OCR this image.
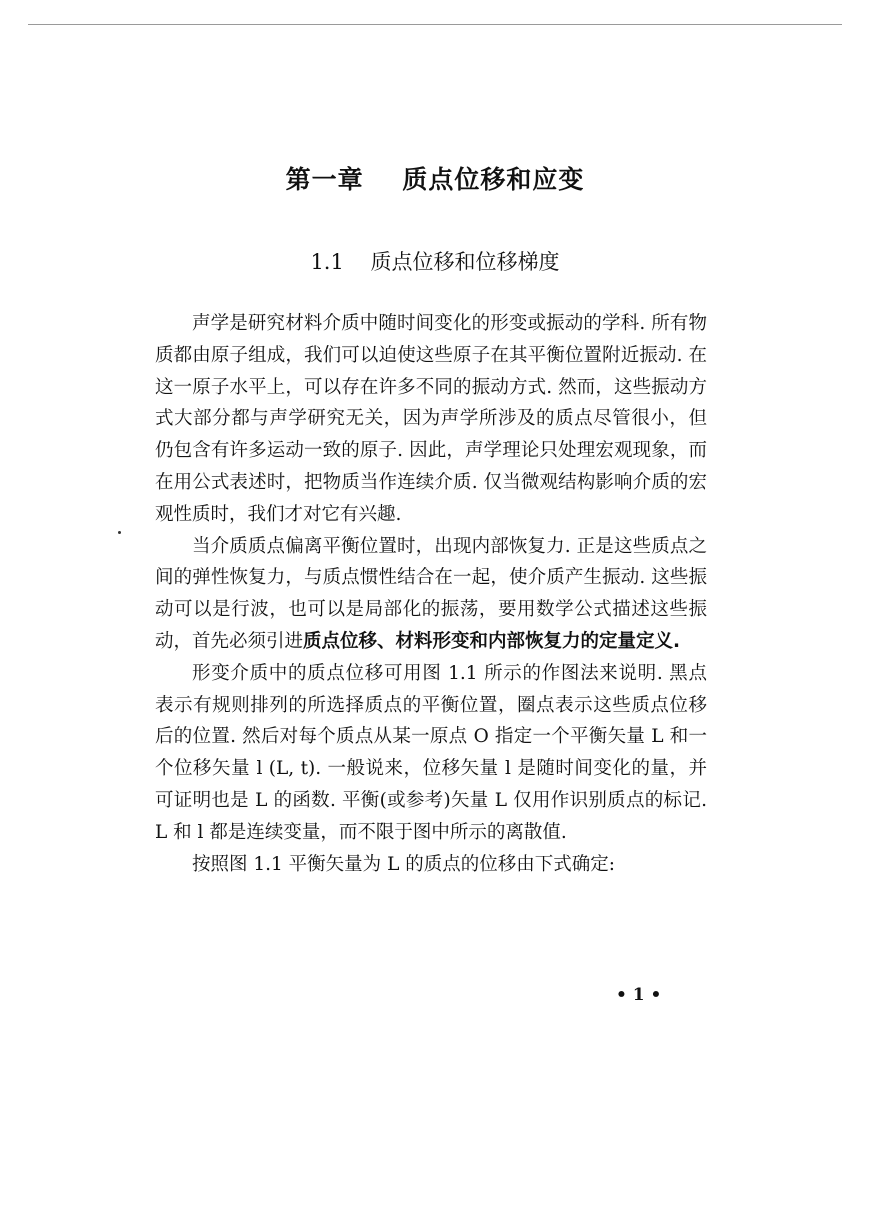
第一章    质点位移和应变
1.1    质点位移和位移梯度

声学是研究材料介质中随时间变化的形变或振动的学科. 所有物质都由原子组成，我们可以迫使这些原子在其平衡位置附近振动. 在这一原子水平上，可以存在许多不同的振动方式. 然而，这些振动方式大部分都与声学研究无关，因为声学所涉及的质点尽管很小，但仍包含有许多运动一致的原子. 因此，声学理论只处理宏观现象，而在用公式表述时，把物质当作连续介质. 仅当微观结构影响介质的宏观性质时，我们才对它有兴趣.

当介质质点偏离平衡位置时，出现内部恢复力. 正是这些质点之间的弹性恢复力，与质点惯性结合在一起，使介质产生振动. 这些振动可以是行波，也可以是局部化的振荡，要用数学公式描述这些振动，首先必须引进质点位移、材料形变和内部恢复力的定量定义.

形变介质中的质点位移可用图 1.1 所示的作图法来说明. 黑点表示有规则排列的所选择质点的平衡位置，圈点表示这些质点位移后的位置. 然后对每个质点从某一原点 O 指定一个平衡矢量 L 和一个位移矢量 l (L, t). 一般说来，位移矢量 l 是随时间变化的量，并可证明也是 L 的函数. 平衡(或参考)矢量 L 仅用作识别质点的标记. L 和 l 都是连续变量，而不限于图中所示的离散值.

按照图 1.1 平衡矢量为 L 的质点的位移由下式确定:

• 1 •
